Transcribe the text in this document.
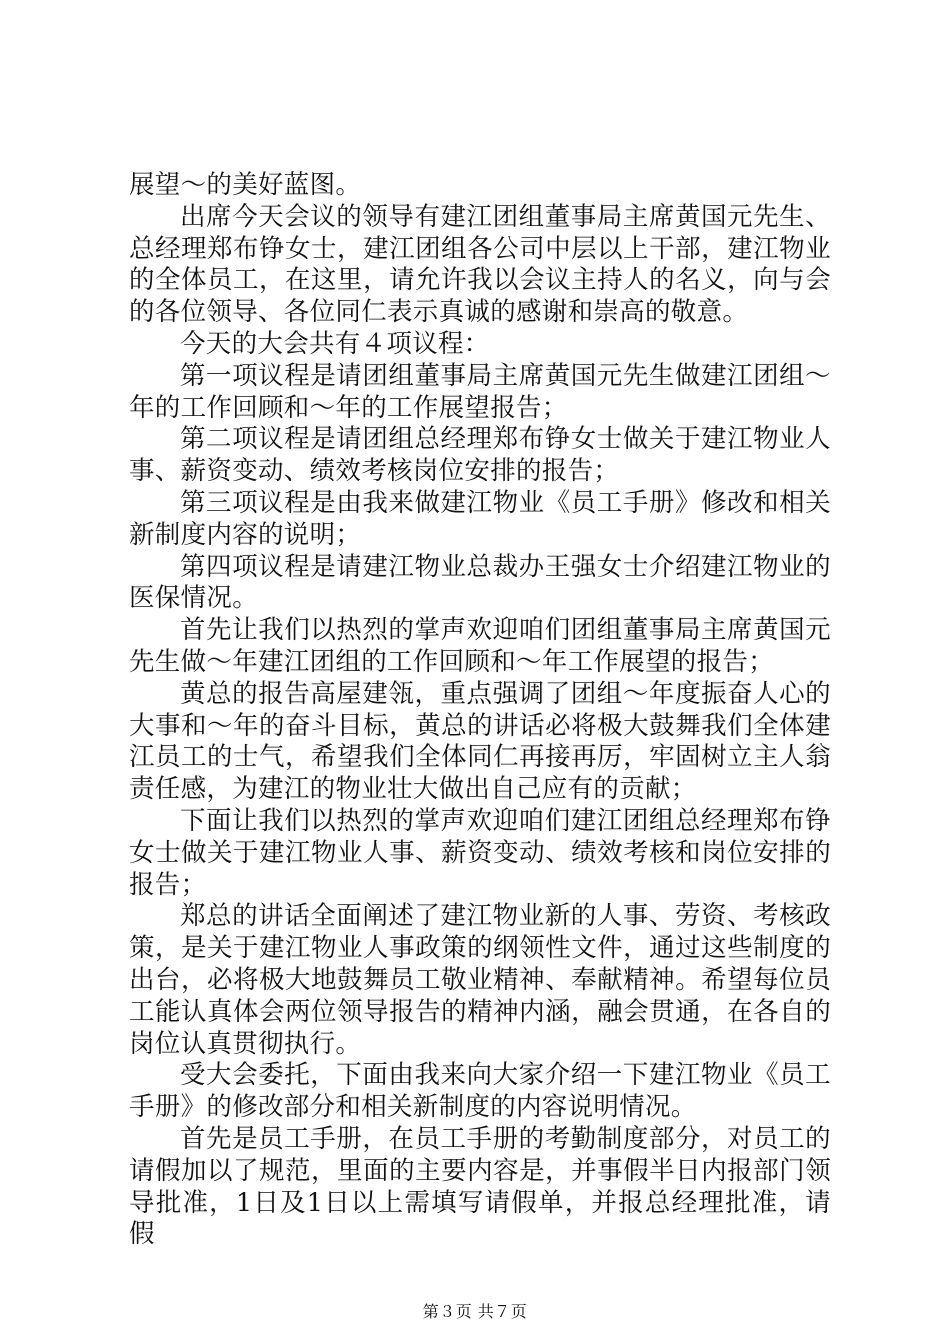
展望～的美好蓝图。

出席今天会议的领导有建江团组董事局主席黄国元先生、总经理郑布铮女士，建江团组各公司中层以上干部，建江物业的全体员工，在这里，请允许我以会议主持人的名义，向与会的各位领导、各位同仁表示真诚的感谢和崇高的敬意。

今天的大会共有４项议程：

第一项议程是请团组董事局主席黄国元先生做建江团组～年的工作回顾和～年的工作展望报告；

第二项议程是请团组总经理郑布铮女士做关于建江物业人事、薪资变动、绩效考核岗位安排的报告；

第三项议程是由我来做建江物业《员工手册》修改和相关新制度内容的说明；

第四项议程是请建江物业总裁办王强女士介绍建江物业的医保情况。

首先让我们以热烈的掌声欢迎咱们团组董事局主席黄国元先生做～年建江团组的工作回顾和～年工作展望的报告；

黄总的报告高屋建瓴，重点强调了团组～年度振奋人心的大事和～年的奋斗目标，黄总的讲话必将极大鼓舞我们全体建江员工的士气，希望我们全体同仁再接再厉，牢固树立主人翁责任感，为建江的物业壮大做出自己应有的贡献；

下面让我们以热烈的掌声欢迎咱们建江团组总经理郑布铮女士做关于建江物业人事、薪资变动、绩效考核和岗位安排的报告；

郑总的讲话全面阐述了建江物业新的人事、劳资、考核政策，是关于建江物业人事政策的纲领性文件，通过这些制度的出台，必将极大地鼓舞员工敬业精神、奉献精神。希望每位员工能认真体会两位领导报告的精神内涵，融会贯通，在各自的岗位认真贯彻执行。

受大会委托，下面由我来向大家介绍一下建江物业《员工手册》的修改部分和相关新制度的内容说明情况。

首先是员工手册，在员工手册的考勤制度部分，对员工的请假加以了规范，里面的主要内容是，并事假半日内报部门领导批准，1日及1日以上需填写请假单，并报总经理批准，请假

第３页 共７页
